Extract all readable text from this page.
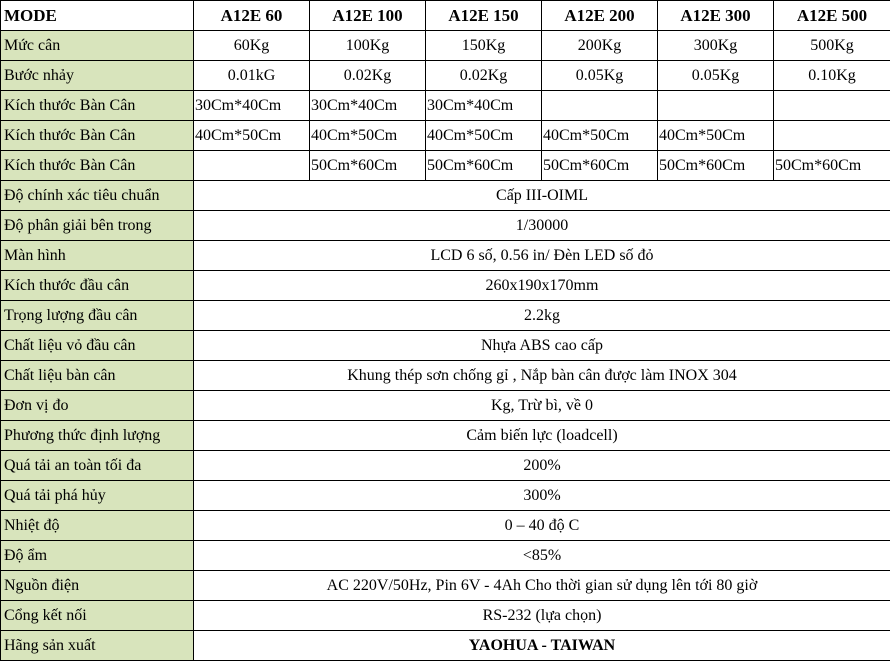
MODE	A12E 60	A12E 100	A12E 150	A12E 200	A12E 300	A12E 500
Mức cân	60Kg	100Kg	150Kg	200Kg	300Kg	500Kg
Bước nhảy	0.01kG	0.02Kg	0.02Kg	0.05Kg	0.05Kg	0.10Kg
Kích thước Bàn Cân	30Cm*40Cm	30Cm*40Cm	30Cm*40Cm			
Kích thước Bàn Cân	40Cm*50Cm	40Cm*50Cm	40Cm*50Cm	40Cm*50Cm	40Cm*50Cm	
Kích thước Bàn Cân		50Cm*60Cm	50Cm*60Cm	50Cm*60Cm	50Cm*60Cm	50Cm*60Cm
Độ chính xác tiêu chuẩn	Cấp III-OIML					
Độ phân giải bên trong	1/30000					
Màn hình	LCD 6 số, 0.56 in/ Đèn LED số đỏ					
Kích thước đầu cân	260x190x170mm					
Trọng lượng đầu cân	2.2kg					
Chất liệu vỏ đầu cân	Nhựa ABS cao cấp					
Chất liệu bàn cân	Khung thép sơn chống gỉ , Nắp bàn cân được làm INOX 304					
Đơn vị đo	Kg, Trừ bì, về 0					
Phương thức định lượng	Cảm biến lực (loadcell)					
Quá tải an toàn tối đa	200%					
Quá tải phá hủy	300%					
Nhiệt độ	0 – 40 độ C					
Độ ẩm	<85%					
Nguồn điện	AC 220V/50Hz, Pin 6V - 4Ah Cho thời gian sử dụng lên tới 80 giờ					
Cổng kết nối	RS-232 (lựa chọn)					
Hãng sản xuất	YAOHUA - TAIWAN					
